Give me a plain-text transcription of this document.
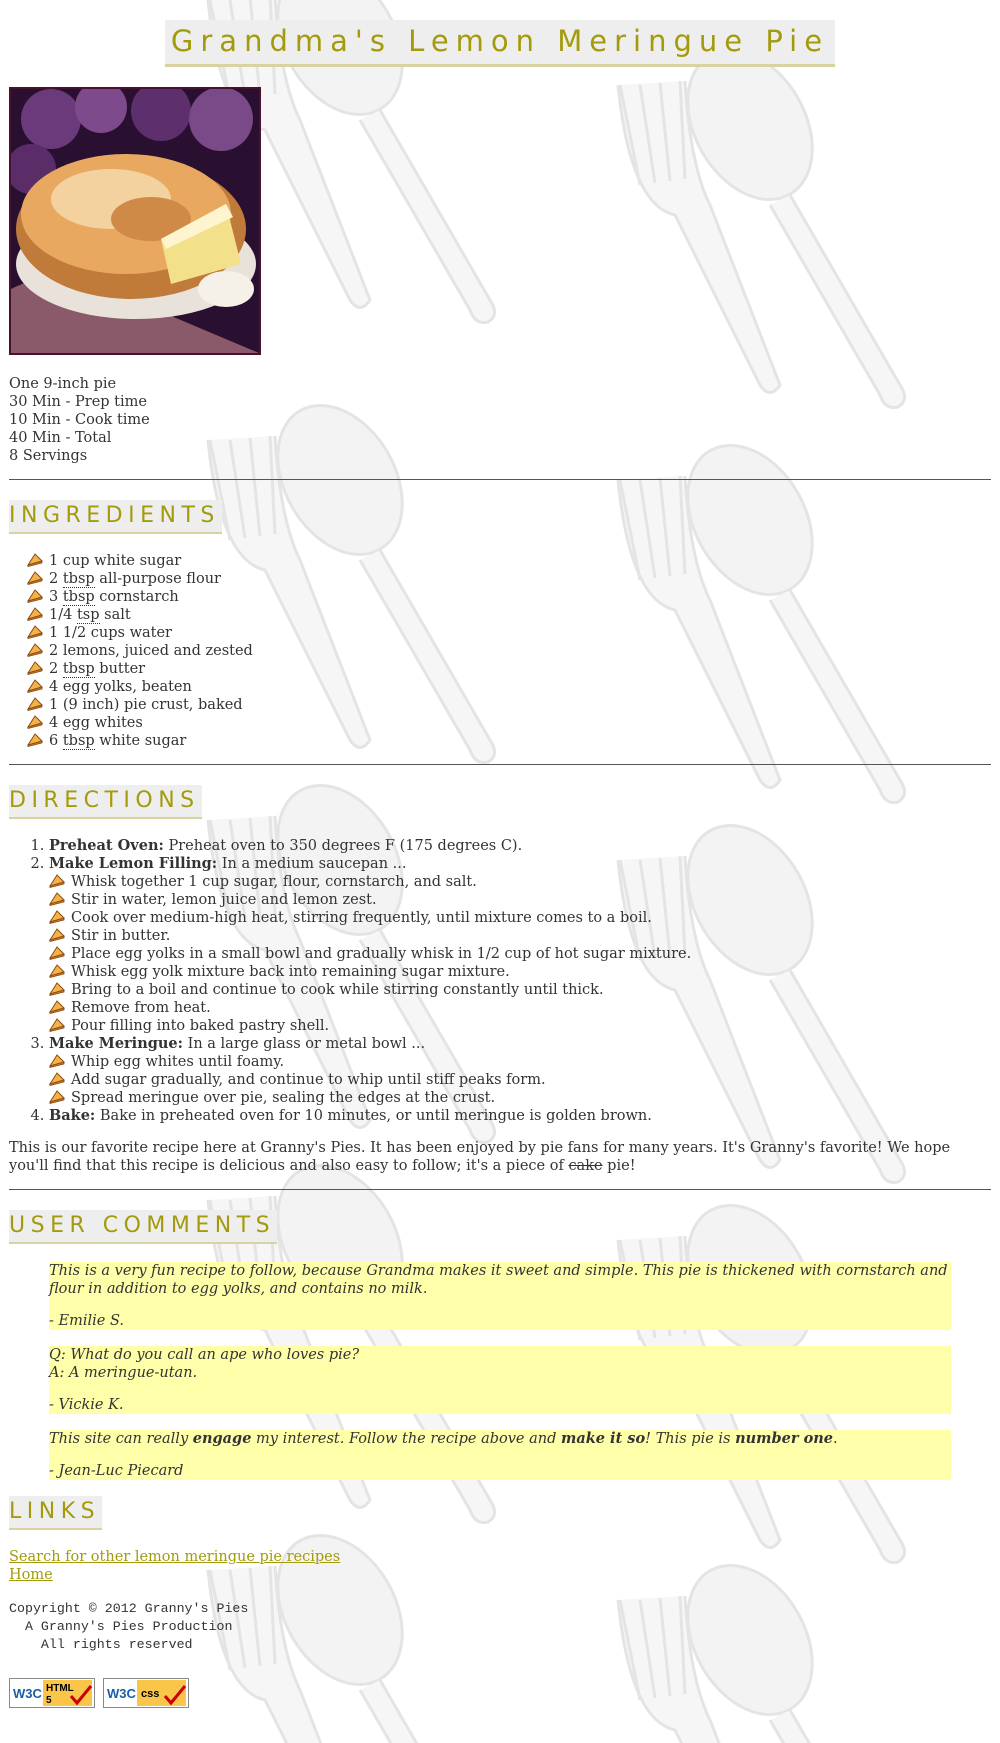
Grandma's Lemon Meringue Pie
One 9-inch pie
30 Min - Prep time
10 Min - Cook time
40 Min - Total
8 Servings
INGREDIENTS
1 cup white sugar
2 tbsp all-purpose flour
3 tbsp cornstarch
1/4 tsp salt
1 1/2 cups water
2 lemons, juiced and zested
2 tbsp butter
4 egg yolks, beaten
1 (9 inch) pie crust, baked
4 egg whites
6 tbsp white sugar
DIRECTIONS
1. Preheat Oven: Preheat oven to 350 degrees F (175 degrees C).
2. Make Lemon Filling: In a medium saucepan ...
Whisk together 1 cup sugar, flour, cornstarch, and salt.
Stir in water, lemon juice and lemon zest.
Cook over medium-high heat, stirring frequently, until mixture comes to a boil.
Stir in butter.
Place egg yolks in a small bowl and gradually whisk in 1/2 cup of hot sugar mixture.
Whisk egg yolk mixture back into remaining sugar mixture.
Bring to a boil and continue to cook while stirring constantly until thick.
Remove from heat.
Pour filling into baked pastry shell.
3. Make Meringue: In a large glass or metal bowl ...
Whip egg whites until foamy.
Add sugar gradually, and continue to whip until stiff peaks form.
Spread meringue over pie, sealing the edges at the crust.
4. Bake: Bake in preheated oven for 10 minutes, or until meringue is golden brown.

This is our favorite recipe here at Granny's Pies. It has been enjoyed by pie fans for many years. It's Granny's favorite! We hope you'll find that this recipe is delicious and also easy to follow; it's a piece of cake pie!

USER COMMENTS

This is a very fun recipe to follow, because Grandma makes it sweet and simple. This pie is thickened with cornstarch and flour in addition to egg yolks, and contains no milk.

- Emilie S.

Q: What do you call an ape who loves pie?

A: A meringue-utan.

- Vickie K.

This site can really engage my interest. Follow the recipe above and make it so! This pie is number one.

- Jean-Luc Piecard

LINKS
Search for other lemon meringue pie recipes
Home
Copyright © 2012 Granny's Pies
A Granny's Pies Production
All rights reserved
W3C HTML
5	W3C css
